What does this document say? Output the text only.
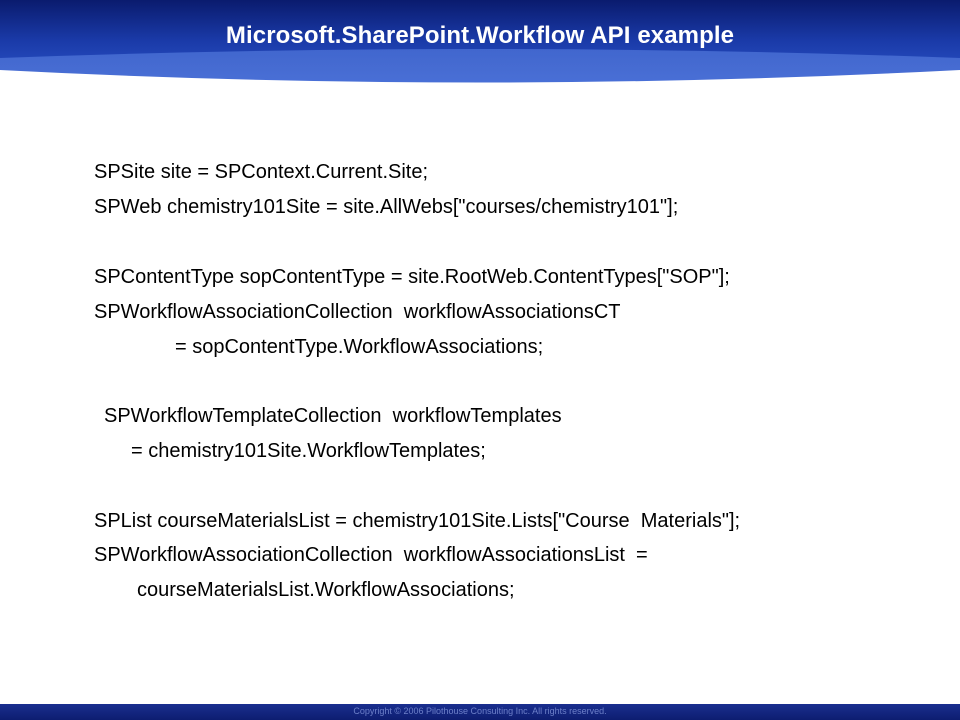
Microsoft.SharePoint.Workflow API example
SPSite site = SPContext.Current.Site;
SPWeb chemistry101Site = site.AllWebs["courses/chemistry101"];
SPContentType sopContentType = site.RootWeb.ContentTypes["SOP"];
SPWorkflowAssociationCollection  workflowAssociationsCT
= sopContentType.WorkflowAssociations;
SPWorkflowTemplateCollection  workflowTemplates
= chemistry101Site.WorkflowTemplates;
SPList courseMaterialsList = chemistry101Site.Lists["Course  Materials"];
SPWorkflowAssociationCollection  workflowAssociationsList  =
courseMaterialsList.WorkflowAssociations;
Copyright © 2006 Pilothouse Consulting Inc. All rights reserved.
